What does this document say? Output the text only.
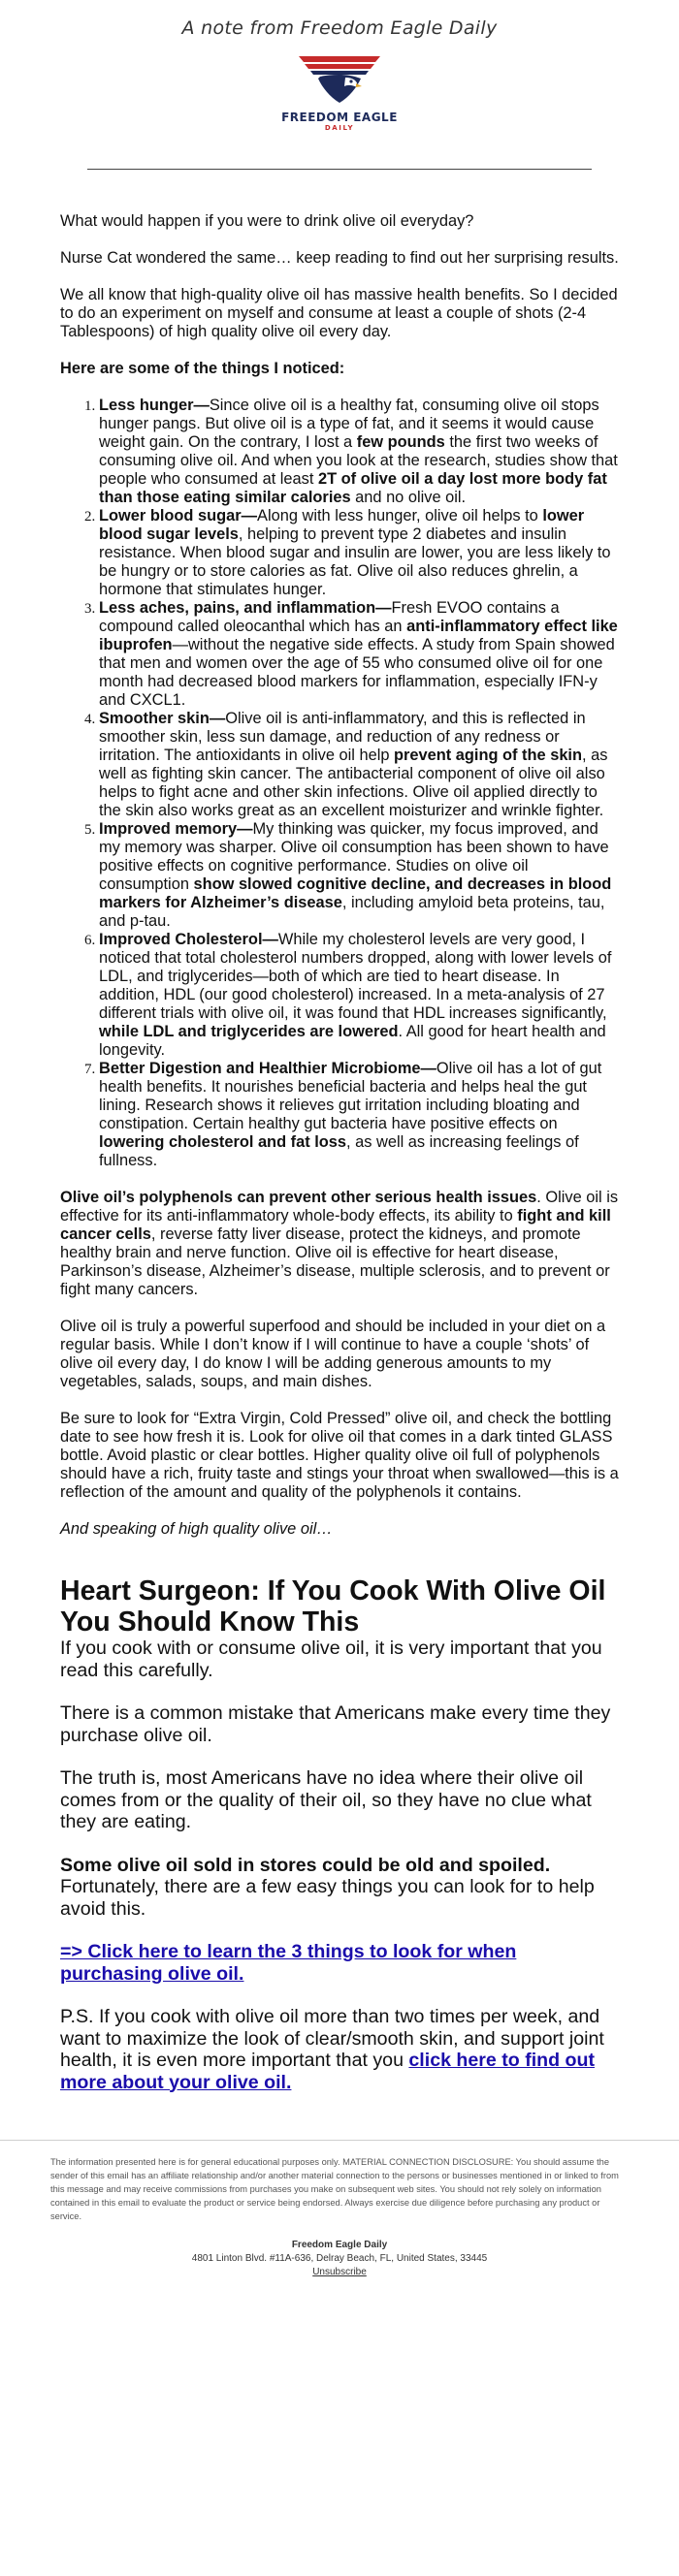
A note from Freedom Eagle Daily
FREEDOM EAGLE
DAILY

What would happen if you were to drink olive oil everyday?

Nurse Cat wondered the same… keep reading to find out her surprising results.

We all know that high-quality olive oil has massive health benefits. So I decided to do an experiment on myself and consume at least a couple of shots (2-4 Tablespoons) of high quality olive oil every day.

Here are some of the things I noticed:

1. Less hunger—Since olive oil is a healthy fat, consuming olive oil stops hunger pangs. But olive oil is a type of fat, and it seems it would cause weight gain. On the contrary, I lost a few pounds the first two weeks of consuming olive oil. And when you look at the research, studies show that people who consumed at least 2T of olive oil a day lost more body fat than those eating similar calories and no olive oil.
2. Lower blood sugar—Along with less hunger, olive oil helps to lower blood sugar levels, helping to prevent type 2 diabetes and insulin resistance. When blood sugar and insulin are lower, you are less likely to be hungry or to store calories as fat. Olive oil also reduces ghrelin, a hormone that stimulates hunger.
3. Less aches, pains, and inflammation—Fresh EVOO contains a compound called oleocanthal which has an anti-inflammatory effect like ibuprofen—without the negative side effects. A study from Spain showed that men and women over the age of 55 who consumed olive oil for one month had decreased blood markers for inflammation, especially IFN-y and CXCL1.
4. Smoother skin—Olive oil is anti-inflammatory, and this is reflected in smoother skin, less sun damage, and reduction of any redness or irritation. The antioxidants in olive oil help prevent aging of the skin, as well as fighting skin cancer. The antibacterial component of olive oil also helps to fight acne and other skin infections. Olive oil applied directly to the skin also works great as an excellent moisturizer and wrinkle fighter.
5. Improved memory—My thinking was quicker, my focus improved, and my memory was sharper. Olive oil consumption has been shown to have positive effects on cognitive performance. Studies on olive oil consumption show slowed cognitive decline, and decreases in blood markers for Alzheimer’s disease, including amyloid beta proteins, tau, and p-tau.
6. Improved Cholesterol—While my cholesterol levels are very good, I noticed that total cholesterol numbers dropped, along with lower levels of LDL, and triglycerides—both of which are tied to heart disease. In addition, HDL (our good cholesterol) increased. In a meta-analysis of 27 different trials with olive oil, it was found that HDL increases significantly, while LDL and triglycerides are lowered. All good for heart health and longevity.
7. Better Digestion and Healthier Microbiome—Olive oil has a lot of gut health benefits. It nourishes beneficial bacteria and helps heal the gut lining. Research shows it relieves gut irritation including bloating and constipation. Certain healthy gut bacteria have positive effects on lowering cholesterol and fat loss, as well as increasing feelings of fullness.

Olive oil’s polyphenols can prevent other serious health issues. Olive oil is effective for its anti-inflammatory whole-body effects, its ability to fight and kill cancer cells, reverse fatty liver disease, protect the kidneys, and promote healthy brain and nerve function. Olive oil is effective for heart disease, Parkinson’s disease, Alzheimer’s disease, multiple sclerosis, and to prevent or fight many cancers.

Olive oil is truly a powerful superfood and should be included in your diet on a regular basis. While I don’t know if I will continue to have a couple ‘shots’ of olive oil every day, I do know I will be adding generous amounts to my vegetables, salads, soups, and main dishes.

Be sure to look for “Extra Virgin, Cold Pressed” olive oil, and check the bottling date to see how fresh it is. Look for olive oil that comes in a dark tinted GLASS bottle. Avoid plastic or clear bottles. Higher quality olive oil full of polyphenols should have a rich, fruity taste and stings your throat when swallowed—this is a reflection of the amount and quality of the polyphenols it contains.

And speaking of high quality olive oil…

Heart Surgeon: If You Cook With Olive Oil You Should Know This

If you cook with or consume olive oil, it is very important that you read this carefully.

There is a common mistake that Americans make every time they purchase olive oil.

The truth is, most Americans have no idea where their olive oil comes from or the quality of their oil, so they have no clue what they are eating.

Some olive oil sold in stores could be old and spoiled. Fortunately, there are a few easy things you can look for to help avoid this.

=> Click here to learn the 3 things to look for when purchasing olive oil.

P.S. If you cook with olive oil more than two times per week, and want to maximize the look of clear/smooth skin, and support joint health, it is even more important that you click here to find out more about your olive oil.

The information presented here is for general educational purposes only. MATERIAL CONNECTION DISCLOSURE: You should assume the sender of this email has an affiliate relationship and/or another material connection to the persons or businesses mentioned in or linked to from this message and may receive commissions from purchases you make on subsequent web sites. You should not rely solely on information contained in this email to evaluate the product or service being endorsed. Always exercise due diligence before purchasing any product or service.
Freedom Eagle Daily
4801 Linton Blvd. #11A-636, Delray Beach, FL, United States, 33445
Unsubscribe
